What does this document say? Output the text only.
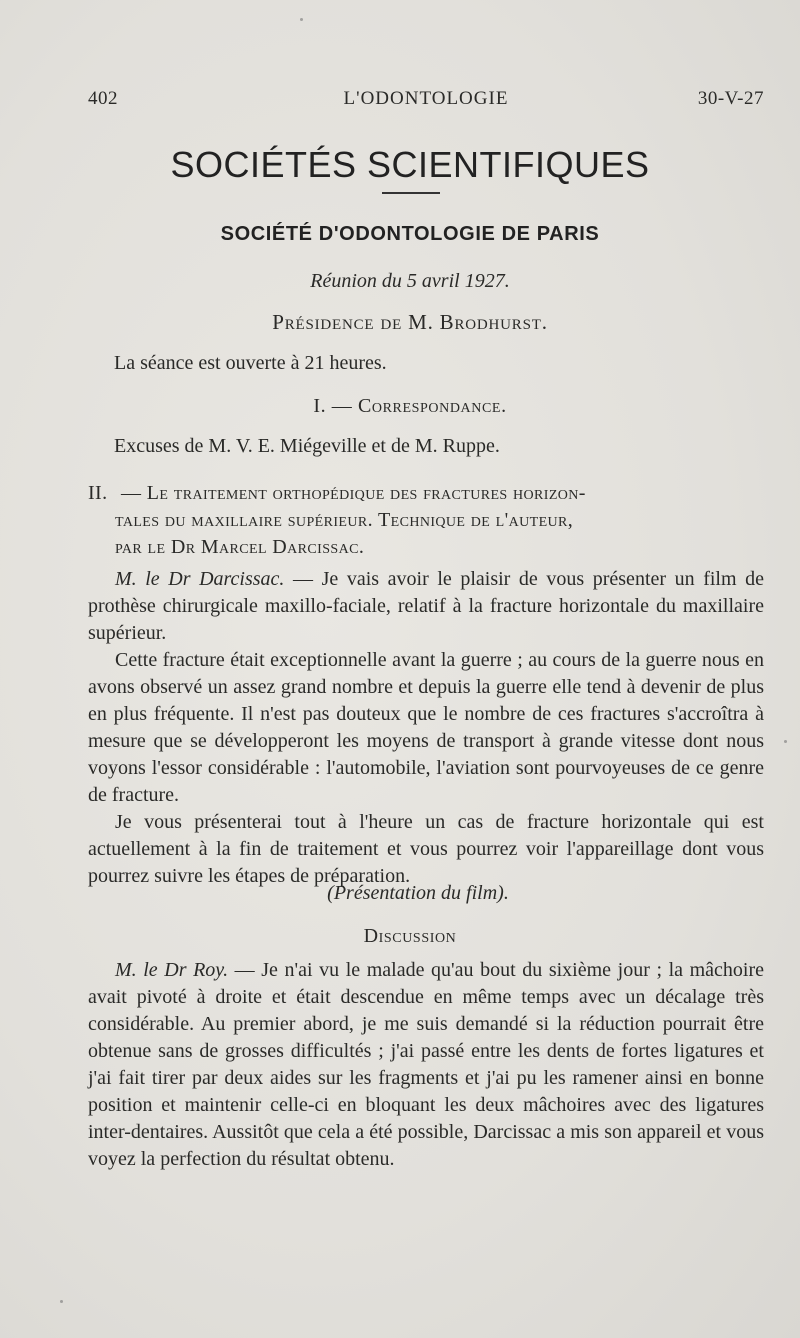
402	L'ODONTOLOGIE	30-V-27
SOCIÉTÉS SCIENTIFIQUES
SOCIÉTÉ D'ODONTOLOGIE DE PARIS
Réunion du 5 avril 1927.
Présidence de M. Brodhurst.
La séance est ouverte à 21 heures.
I. — Correspondance.
Excuses de M. V. E. Miégeville et de M. Ruppe.
II. — Le traitement orthopédique des fractures horizon-
tales du maxillaire supérieur. Technique de l'auteur,
par le Dr Marcel Darcissac.

M. le Dr Darcissac. — Je vais avoir le plaisir de vous présenter un film de prothèse chirurgicale maxillo-faciale, relatif à la fracture horizontale du maxillaire supérieur.

Cette fracture était exceptionnelle avant la guerre ; au cours de la guerre nous en avons observé un assez grand nombre et depuis la guerre elle tend à devenir de plus en plus fréquente. Il n'est pas douteux que le nombre de ces fractures s'accroîtra à mesure que se développeront les moyens de transport à grande vitesse dont nous voyons l'essor considérable : l'automobile, l'aviation sont pourvoyeuses de ce genre de fracture.

Je vous présenterai tout à l'heure un cas de fracture horizontale qui est actuellement à la fin de traitement et vous pourrez voir l'appareillage dont vous pourrez suivre les étapes de préparation.

(Présentation du film).
Discussion

M. le Dr Roy. — Je n'ai vu le malade qu'au bout du sixième jour ; la mâchoire avait pivoté à droite et était descendue en même temps avec un décalage très considérable. Au premier abord, je me suis demandé si la réduction pourrait être obtenue sans de grosses difficultés ; j'ai passé entre les dents de fortes ligatures et j'ai fait tirer par deux aides sur les fragments et j'ai pu les ramener ainsi en bonne position et maintenir celle-ci en bloquant les deux mâchoires avec des ligatures inter-dentaires. Aussitôt que cela a été possible, Darcissac a mis son appareil et vous voyez la perfection du résultat obtenu.
